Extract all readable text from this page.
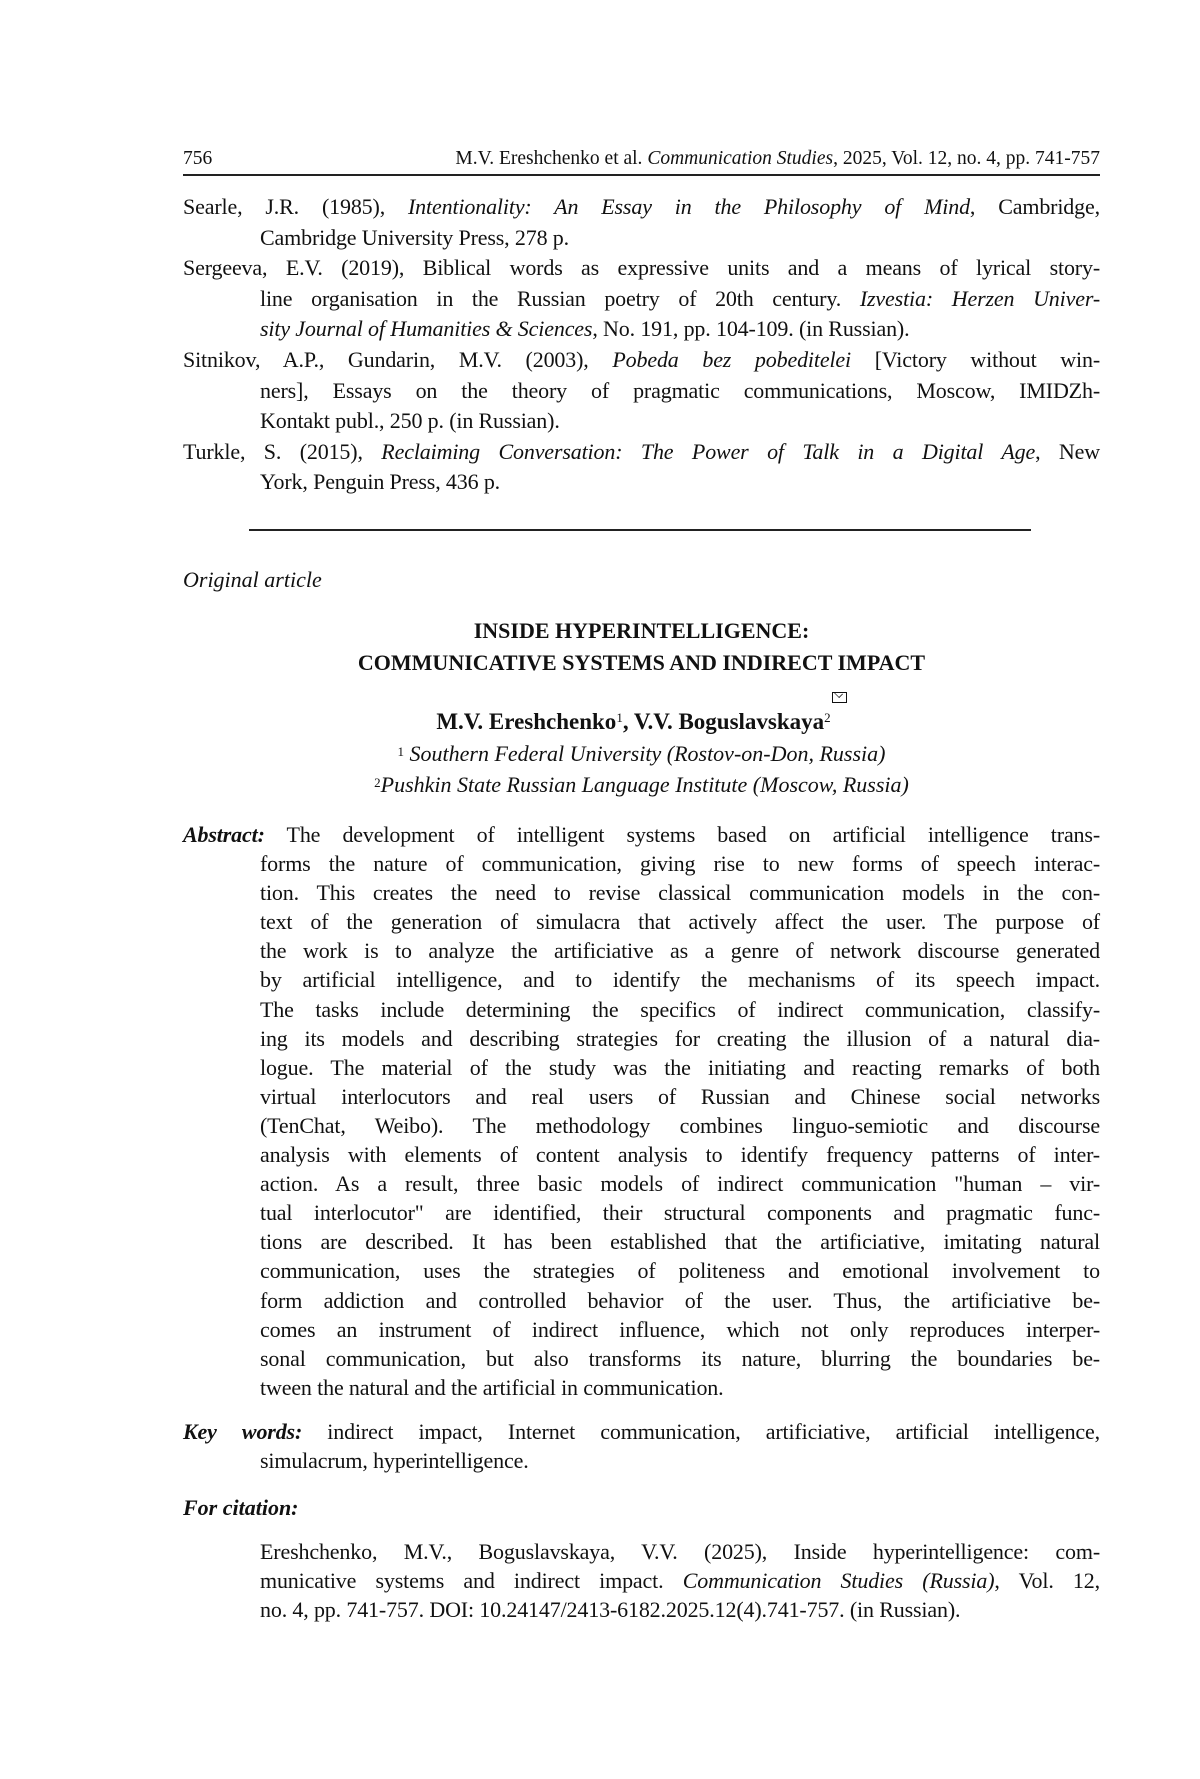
756	M.V. Ereshchenko et al. Communication Studies, 2025, Vol. 12, no. 4, pp. 741-757
Searle, J.R. (1985), Intentionality: An Essay in the Philosophy of Mind, Cambridge,
Cambridge University Press, 278 p.
Sergeeva, E.V. (2019), Biblical words as expressive units and a means of lyrical story-
line organisation in the Russian poetry of 20th century. Izvestia: Herzen Univer-
sity Journal of Humanities & Sciences, No. 191, pp. 104-109. (in Russian).
Sitnikov, A.P., Gundarin, M.V. (2003), Pobeda bez pobeditelei [Victory without win-
ners], Essays on the theory of pragmatic communications, Moscow, IMIDZh-
Kontakt publ., 250 p. (in Russian).
Turkle, S. (2015), Reclaiming Conversation: The Power of Talk in a Digital Age, New
York, Penguin Press, 436 p.
Original article
INSIDE HYPERINTELLIGENCE:
COMMUNICATIVE SYSTEMS AND INDIRECT IMPACT
M.V. Ereshchenko$^1$, V.V. Boguslavskaya$^2$
$^1$ Southern Federal University (Rostov-on-Don, Russia)
$^2$Pushkin State Russian Language Institute (Moscow, Russia)
Abstract: The development of intelligent systems based on artificial intelligence trans-
forms the nature of communication, giving rise to new forms of speech interac-
tion. This creates the need to revise classical communication models in the con-
text of the generation of simulacra that actively affect the user. The purpose of
the work is to analyze the artificiative as a genre of network discourse generated
by artificial intelligence, and to identify the mechanisms of its speech impact.
The tasks include determining the specifics of indirect communication, classify-
ing its models and describing strategies for creating the illusion of a natural dia-
logue. The material of the study was the initiating and reacting remarks of both
virtual interlocutors and real users of Russian and Chinese social networks
(TenChat, Weibo). The methodology combines linguo-semiotic and discourse
analysis with elements of content analysis to identify frequency patterns of inter-
action. As a result, three basic models of indirect communication "human – vir-
tual interlocutor" are identified, their structural components and pragmatic func-
tions are described. It has been established that the artificiative, imitating natural
communication, uses the strategies of politeness and emotional involvement to
form addiction and controlled behavior of the user. Thus, the artificiative be-
comes an instrument of indirect influence, which not only reproduces interper-
sonal communication, but also transforms its nature, blurring the boundaries be-
tween the natural and the artificial in communication.
Key words: indirect impact, Internet communication, artificiative, artificial intelligence,
simulacrum, hyperintelligence.
For citation:
Ereshchenko, M.V., Boguslavskaya, V.V. (2025), Inside hyperintelligence: com-
municative systems and indirect impact. Communication Studies (Russia), Vol. 12,
no. 4, pp. 741-757. DOI: 10.24147/2413-6182.2025.12(4).741-757. (in Russian).
